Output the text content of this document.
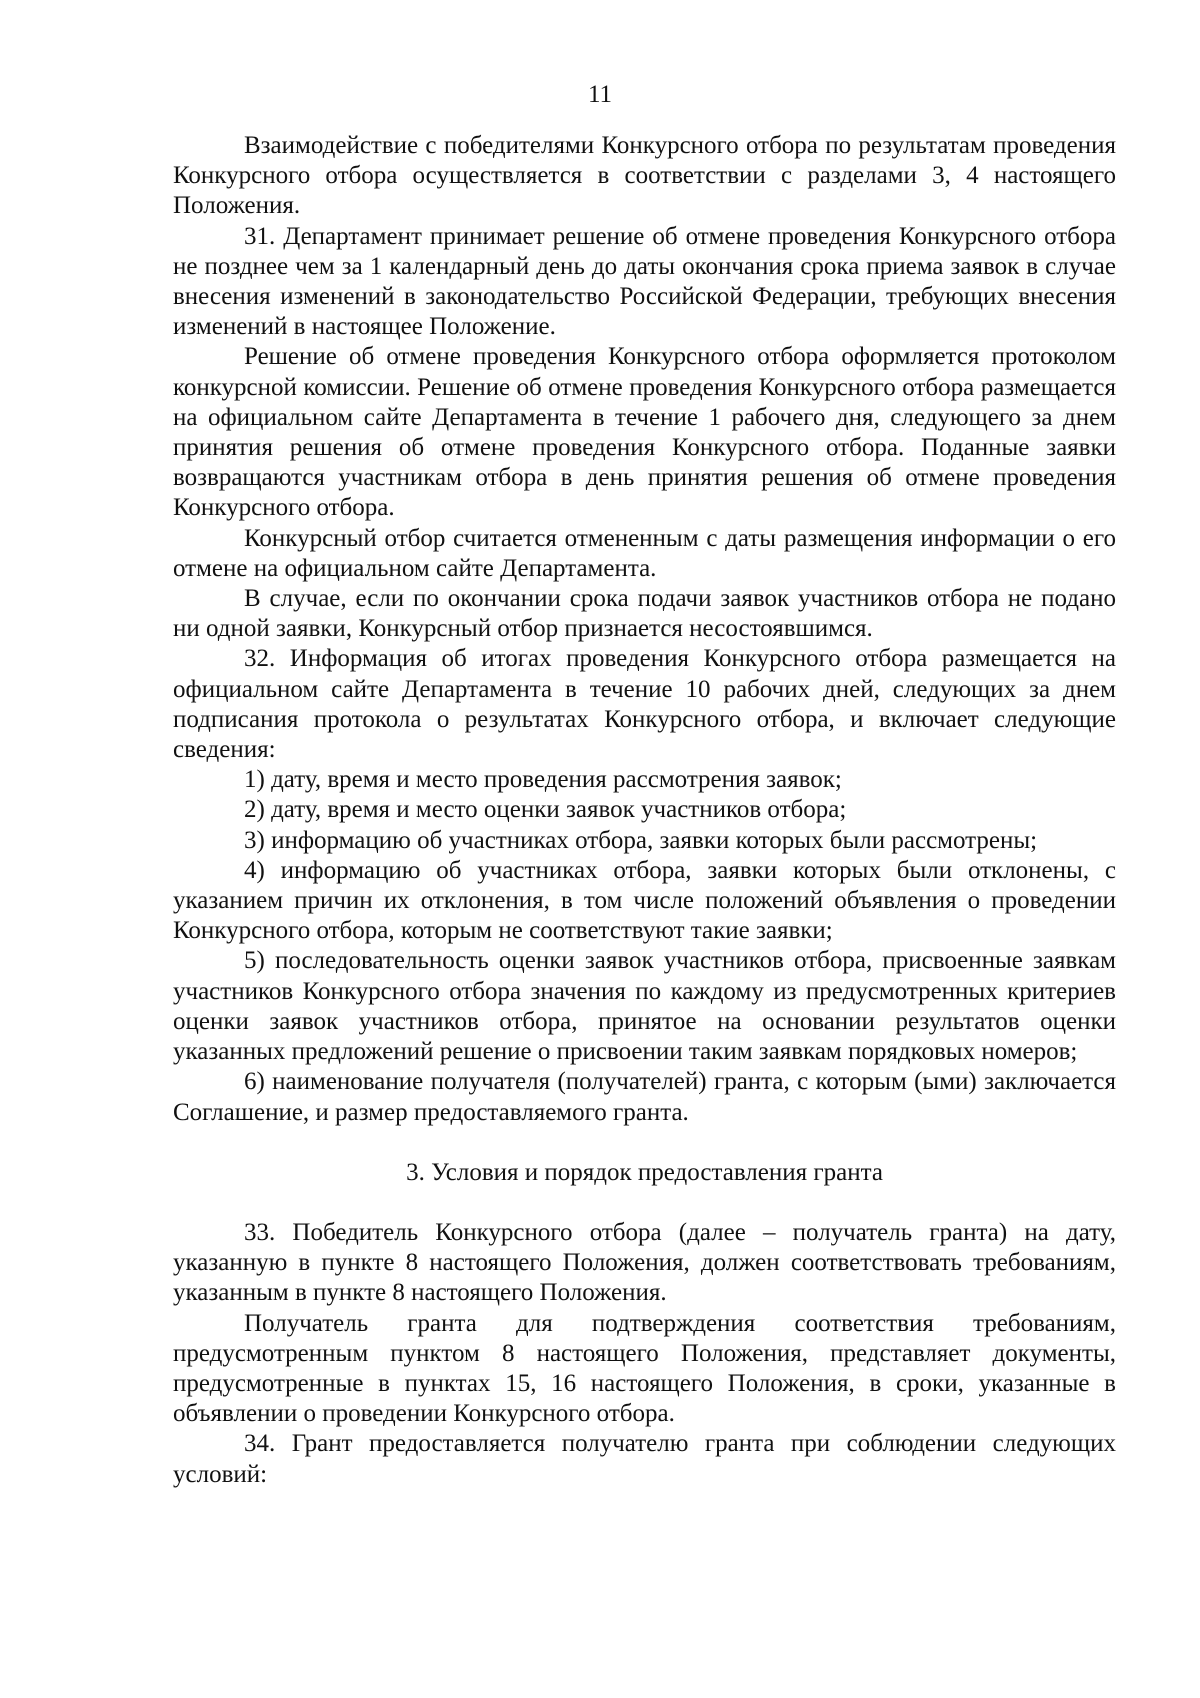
11

Взаимодействие с победителями Конкурсного отбора по результатам проведения Конкурсного отбора осуществляется в соответствии с разделами 3, 4 настоящего Положения.

31. Департамент принимает решение об отмене проведения Конкурсного отбора не позднее чем за 1 календарный день до даты окончания срока приема заявок в случае внесения изменений в законодательство Российской Федерации, требующих внесения изменений в настоящее Положение.

Решение об отмене проведения Конкурсного отбора оформляется протоколом конкурсной комиссии. Решение об отмене проведения Конкурсного отбора размещается на официальном сайте Департамента в течение 1 рабочего дня, следующего за днем принятия решения об отмене проведения Конкурсного отбора. Поданные заявки возвращаются участникам отбора в день принятия решения об отмене проведения Конкурсного отбора.

Конкурсный отбор считается отмененным с даты размещения информации о его отмене на официальном сайте Департамента.

В случае, если по окончании срока подачи заявок участников отбора не подано ни одной заявки, Конкурсный отбор признается несостоявшимся.

32. Информация об итогах проведения Конкурсного отбора размещается на официальном сайте Департамента в течение 10 рабочих дней, следующих за днем подписания протокола о результатах Конкурсного отбора, и включает следующие сведения:

1) дату, время и место проведения рассмотрения заявок;

2) дату, время и место оценки заявок участников отбора;

3) информацию об участниках отбора, заявки которых были рассмотрены;

4) информацию об участниках отбора, заявки которых были отклонены, с указанием причин их отклонения, в том числе положений объявления о проведении Конкурсного отбора, которым не соответствуют такие заявки;

5) последовательность оценки заявок участников отбора, присвоенные заявкам участников Конкурсного отбора значения по каждому из предусмотренных критериев оценки заявок участников отбора, принятое на основании результатов оценки указанных предложений решение о присвоении таким заявкам порядковых номеров;

6) наименование получателя (получателей) гранта, с которым (ыми) заключается Соглашение, и размер предоставляемого гранта.

3. Условия и порядок предоставления гранта

33. Победитель Конкурсного отбора (далее – получатель гранта) на дату, указанную в пункте 8 настоящего Положения, должен соответствовать требованиям, указанным в пункте 8 настоящего Положения.

Получатель гранта для подтверждения соответствия требованиям, предусмотренным пунктом 8 настоящего Положения, представляет документы, предусмотренные в пунктах 15, 16 настоящего Положения, в сроки, указанные в объявлении о проведении Конкурсного отбора.

34. Грант предоставляется получателю гранта при соблюдении следующих условий:
